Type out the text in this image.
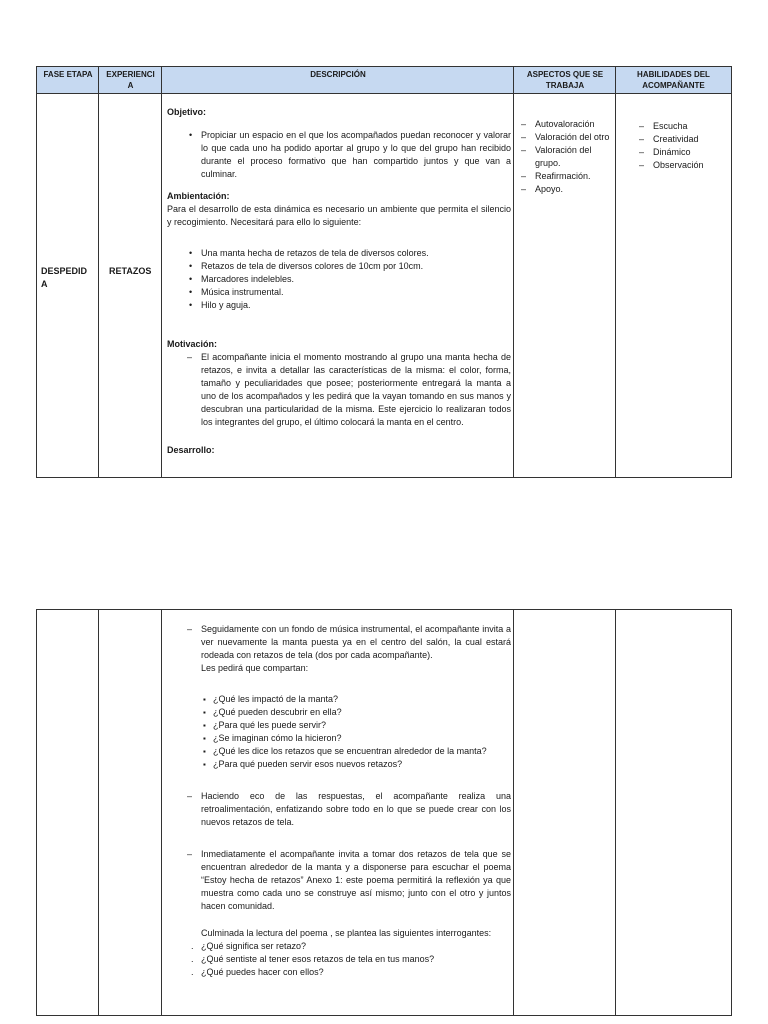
FASE ETAPA	EXPERIENCI A
DESCRIPCIÓN	ASPECTOS QUE SE TRABAJA
HABILIDADES DEL ACOMPAÑANTE
DESPEDID A
RETAZOS

Objetivo:

• Propiciar un espacio en el que los acompañados puedan reconocer y valorar lo que cada uno ha podido aportar al grupo y lo que del grupo han recibido durante el proceso formativo que han compartido juntos y que van a culminar.

Ambientación:

Para el desarrollo de esta dinámica es necesario un ambiente que permita el silencio y recogimiento. Necesitará para ello lo siguiente:

• Una manta hecha de retazos de tela de diversos colores.
• Retazos de tela de diversos colores de 10cm por 10cm.
• Marcadores indelebles.
• Música instrumental.
• Hilo y aguja.

Motivación:

– El acompañante inicia el momento mostrando al grupo una manta hecha de retazos, e invita a detallar las características de la misma: el color, forma, tamaño y peculiaridades que posee; posteriormente entregará la manta a uno de los acompañados y les pedirá que la vayan tomando en sus manos y descubran una particularidad de la misma. Este ejercicio lo realizaran todos los integrantes del grupo, el último colocará la manta en el centro.

Desarrollo:

– Autovaloración
– Valoración del otro
– Valoración del grupo.
– Reafirmación.
– Apoyo.
– Escucha
– Creatividad
– Dinámico
– Observación
– Seguidamente con un fondo de música instrumental, el acompañante invita a ver nuevamente la manta puesta ya en el centro del salón, la cual estará rodeada con retazos de tela (dos por cada acompañante).
Les pedirá que compartan:
▪ ¿Qué les impactó de la manta?
▪ ¿Qué pueden descubrir en ella?
▪ ¿Para qué les puede servir?
▪ ¿Se imaginan cómo la hicieron?
▪ ¿Qué les dice los retazos que se encuentran alrededor de la manta?
▪ ¿Para qué pueden servir esos nuevos retazos?
– Haciendo eco de las respuestas, el acompañante realiza una retroalimentación, enfatizando sobre todo en lo que se puede crear con los nuevos retazos de tela.
– Inmediatamente el acompañante invita a tomar dos retazos de tela que se encuentran alrededor de la manta y a disponerse para escuchar el poema “Estoy hecha de retazos” Anexo 1: este poema permitirá la reflexión ya que muestra como cada uno se construye así mismo; junto con el otro y juntos hacen comunidad.

Culminada la lectura del poema , se plantea las siguientes interrogantes:

. ¿Qué significa ser retazo?
. ¿Qué sentiste al tener esos retazos de tela en tus manos?
. ¿Qué puedes hacer con ellos?
